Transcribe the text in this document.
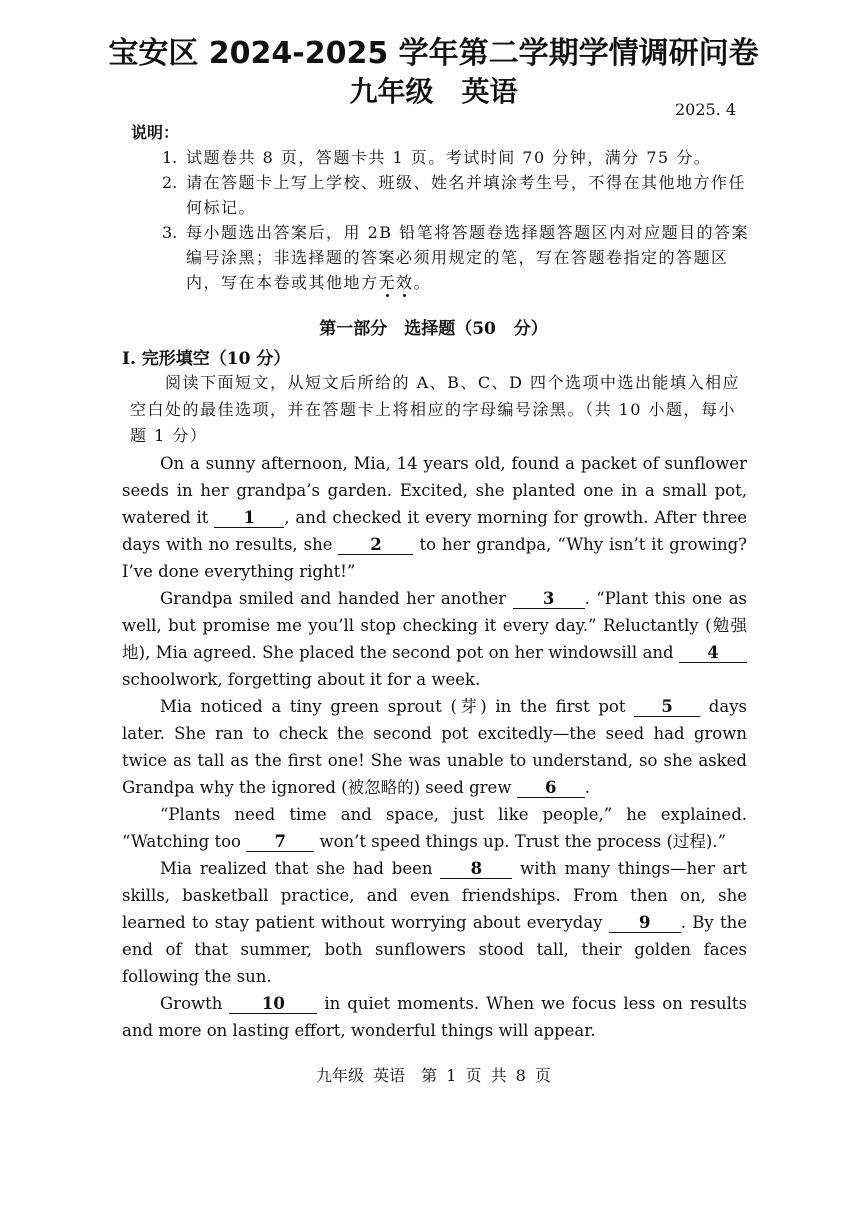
宝安区 2024-2025 学年第二学期学情调研问卷
九年级　英语
2025. 4
说明：
1. 试题卷共 8 页，答题卡共 1 页。考试时间 70 分钟，满分 75 分。
2. 请在答题卡上写上学校、班级、姓名并填涂考生号，不得在其他地方作任何标记。
3. 每小题选出答案后，用 2B 铅笔将答题卷选择题答题区内对应题目的答案编号涂黑；非选择题的答案必须用规定的笔，写在答题卷指定的答题区内，写在本卷或其他地方无效。
第一部分　选择题（50 分）
I. 完形填空（10 分）

阅读下面短文，从短文后所给的 A、B、C、D 四个选项中选出能填入相应空白处的最佳选项，并在答题卡上将相应的字母编号涂黑。（共 10 小题，每小题 1 分）

On a sunny afternoon, Mia, 14 years old, found a packet of sunflower seeds in her grandpa’s garden. Excited, she planted one in a small pot, watered it 1 , and checked it every morning for growth. After three days with no results, she 2 to her grandpa, “Why isn’t it growing? I’ve done everything right!”

Grandpa smiled and handed her another 3 . “Plant this one as well, but promise me you’ll stop checking it every day.” Reluctantly (勉强地), Mia agreed. She placed the second pot on her windowsill and 4 schoolwork, forgetting about it for a week.

Mia noticed a tiny green sprout (芽) in the first pot 5 days later. She ran to check the second pot excitedly—the seed had grown twice as tall as the first one! She was unable to understand, so she asked Grandpa why the ignored (被忽略的) seed grew 6 .

“Plants need time and space, just like people,” he explained. “Watching too 7 won’t speed things up. Trust the process (过程).”

Mia realized that she had been 8 with many things—her art skills, basketball practice, and even friendships. From then on, she learned to stay patient without worrying about everyday 9 . By the end of that summer, both sunflowers stood tall, their golden faces following the sun.

Growth 10 in quiet moments. When we focus less on results and more on lasting effort, wonderful things will appear.

九年级 英语　第 1 页 共 8 页
